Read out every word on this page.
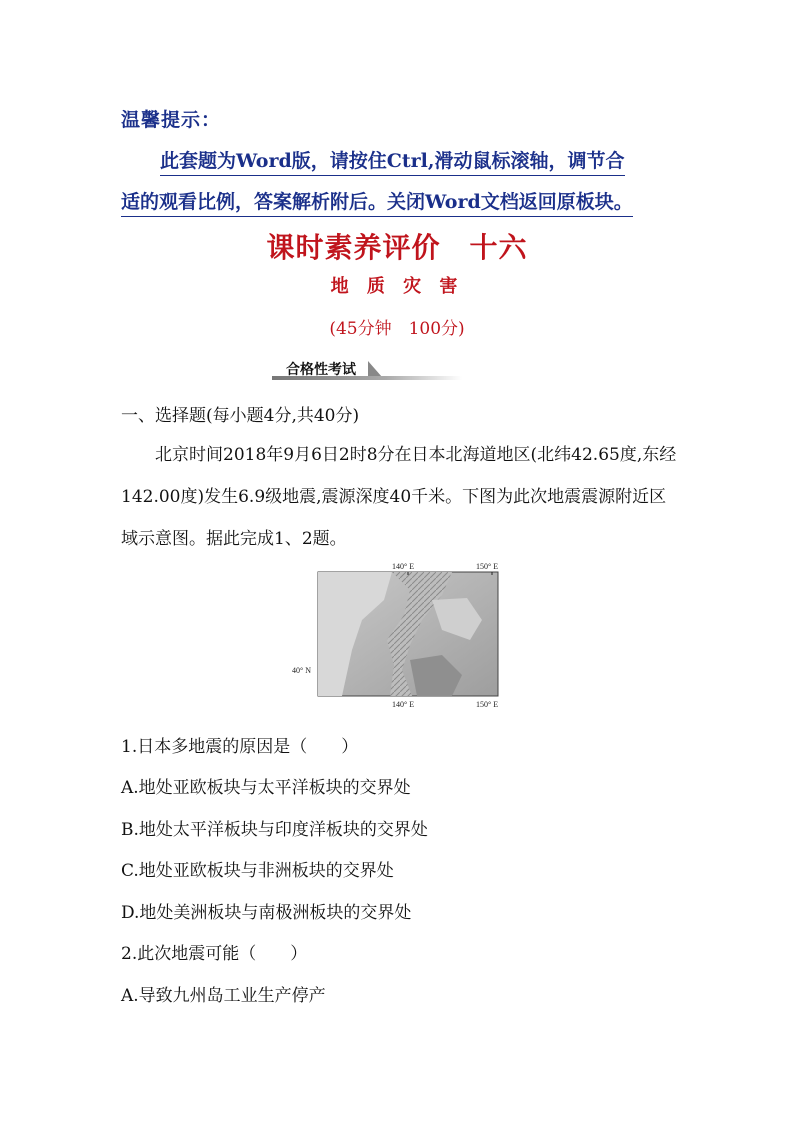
温馨提示：
此套题为Word版，请按住Ctrl,滑动鼠标滚轴，调节合
适的观看比例，答案解析附后。关闭Word文档返回原板块。
课时素养评价　十六
地 质 灾 害
(45分钟　100分)
合格性考试
一、选择题(每小题4分,共40分)

北京时间2018年9月6日2时8分在日本北海道地区(北纬42.65度,东经142.00度)发生6.9级地震,震源深度40千米。下图为此次地震震源附近区域示意图。据此完成1、2题。

140° E	150° E
140° E	150° E
40° N
1.日本多地震的原因是（　　）
A.地处亚欧板块与太平洋板块的交界处
B.地处太平洋板块与印度洋板块的交界处
C.地处亚欧板块与非洲板块的交界处
D.地处美洲板块与南极洲板块的交界处
2.此次地震可能（　　）
A.导致九州岛工业生产停产
